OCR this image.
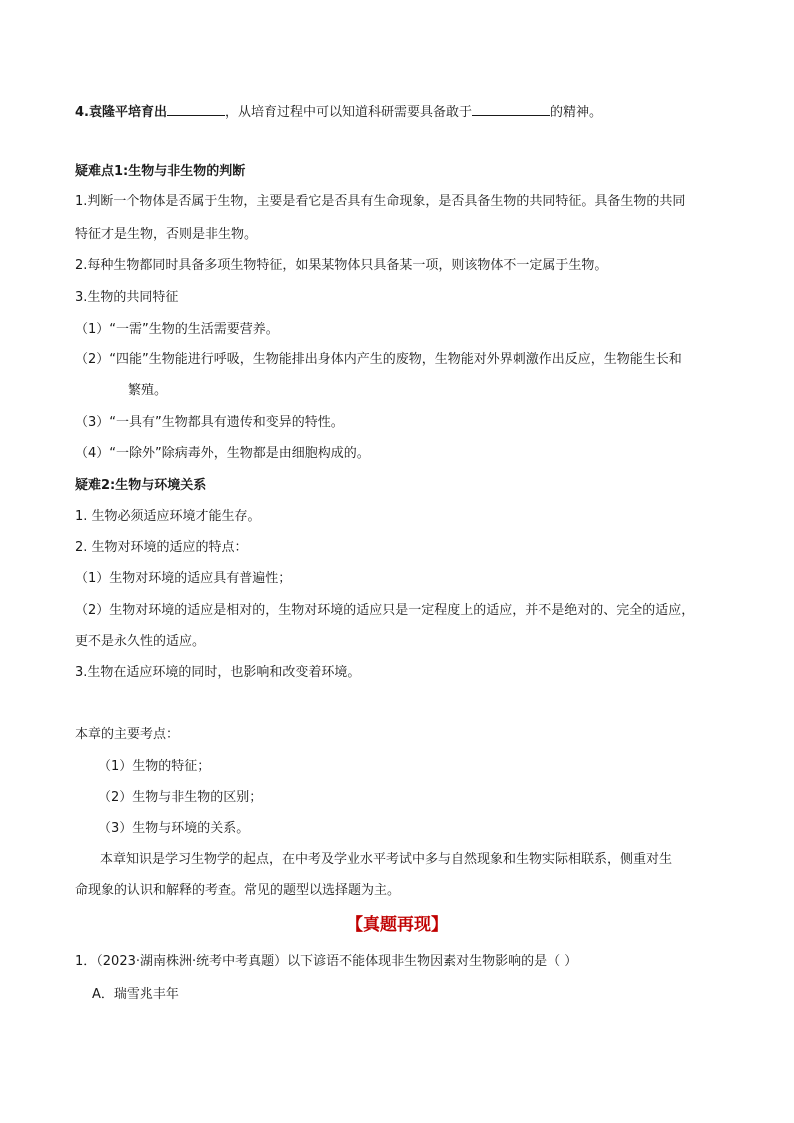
4.袁隆平培育出	，从培育过程中可以知道科研需要具备敢于	的精神。
疑难点1:生物与非生物的判断
1.判断一个物体是否属于生物，主要是看它是否具有生命现象，是否具备生物的共同特征。具备生物的共同
特征才是生物，否则是非生物。
2.每种生物都同时具备多项生物特征，如果某物体只具备某一项，则该物体不一定属于生物。
3.生物的共同特征
（1）“一需”生物的生活需要营养。
（2）“四能”生物能进行呼吸，生物能排出身体内产生的废物，生物能对外界刺激作出反应，生物能生长和
繁殖。
（3）“一具有”生物都具有遗传和变异的特性。
（4）“一除外”除病毒外，生物都是由细胞构成的。
疑难2:生物与环境关系
1. 生物必须适应环境才能生存。
2. 生物对环境的适应的特点：
（1）生物对环境的适应具有普遍性；
（2）生物对环境的适应是相对的，生物对环境的适应只是一定程度上的适应，并不是绝对的、完全的适应，
更不是永久性的适应。
3.生物在适应环境的同时，也影响和改变着环境。
本章的主要考点：
（1）生物的特征；
（2）生物与非生物的区别；
（3）生物与环境的关系。
本章知识是学习生物学的起点，在中考及学业水平考试中多与自然现象和生物实际相联系，侧重对生
命现象的认识和解释的考查。常见的题型以选择题为主。
【真题再现】
1．（2023·湖南株洲·统考中考真题）以下谚语不能体现非生物因素对生物影响的是（ ）
A．瑞雪兆丰年
